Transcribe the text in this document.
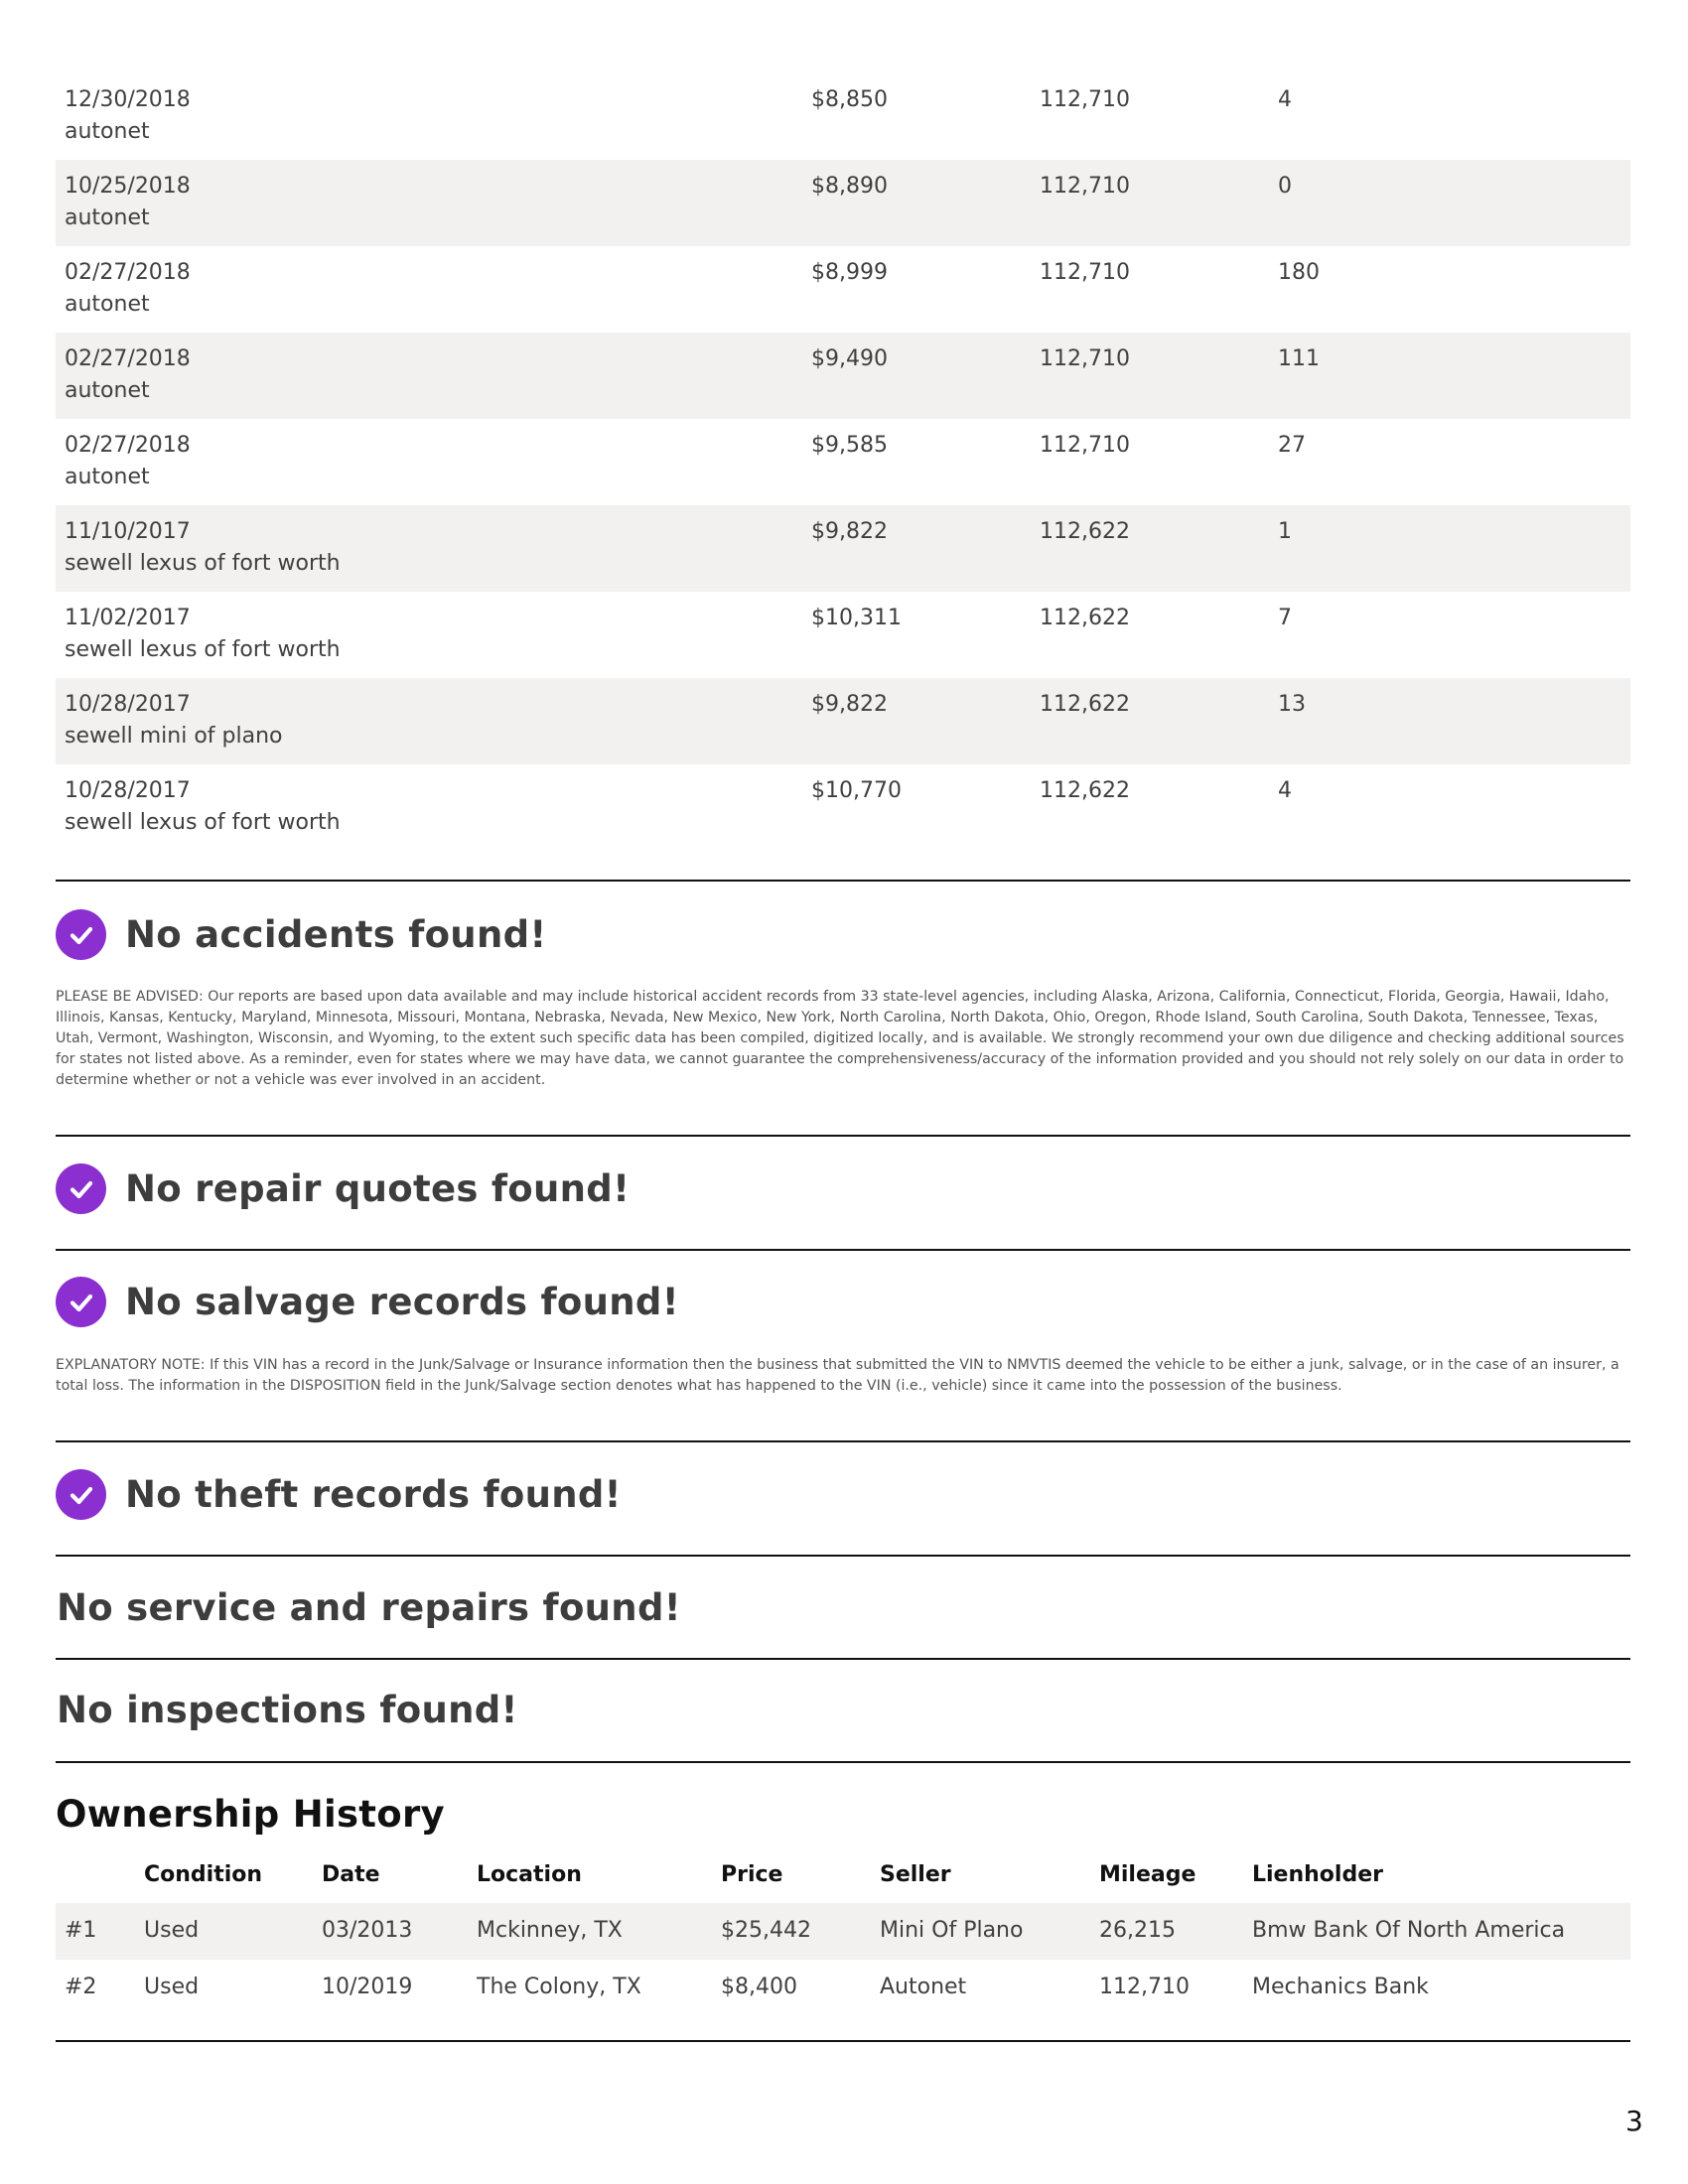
12/30/2018
autonet
$8,850	112,710	4
10/25/2018
autonet
$8,890	112,710	0
02/27/2018
autonet
$8,999	112,710	180
02/27/2018
autonet
$9,490	112,710	111
02/27/2018
autonet
$9,585	112,710	27
11/10/2017
sewell lexus of fort worth
$9,822	112,622	1
11/02/2017
sewell lexus of fort worth
$10,311	112,622	7
10/28/2017
sewell mini of plano
$9,822	112,622	13
10/28/2017
sewell lexus of fort worth
$10,770	112,622	4
No accidents found!
PLEASE BE ADVISED: Our reports are based upon data available and may include historical accident records from 33 state-level agencies, including Alaska, Arizona, California, Connecticut, Florida, Georgia, Hawaii, Idaho, Illinois, Kansas, Kentucky, Maryland, Minnesota, Missouri, Montana, Nebraska, Nevada, New Mexico, New York, North Carolina, North Dakota, Ohio, Oregon, Rhode Island, South Carolina, South Dakota, Tennessee, Texas, Utah, Vermont, Washington, Wisconsin, and Wyoming, to the extent such specific data has been compiled, digitized locally, and is available. We strongly recommend your own due diligence and checking additional sources for states not listed above. As a reminder, even for states where we may have data, we cannot guarantee the comprehensiveness/accuracy of the information provided and you should not rely solely on our data in order to determine whether or not a vehicle was ever involved in an accident.
No repair quotes found!
No salvage records found!
EXPLANATORY NOTE: If this VIN has a record in the Junk/Salvage or Insurance information then the business that submitted the VIN to NMVTIS deemed the vehicle to be either a junk, salvage, or in the case of an insurer, a total loss. The information in the DISPOSITION field in the Junk/Salvage section denotes what has happened to the VIN (i.e., vehicle) since it came into the possession of the business.
No theft records found!
No service and repairs found!
No inspections found!
Ownership History
Condition	Date	Location	Price	Seller	Mileage	Lienholder
#1 Used	03/2013	Mckinney, TX	$25,442	Mini Of Plano	26,215	Bmw Bank Of North America
#2 Used	10/2019	The Colony, TX	$8,400	Autonet	112,710	Mechanics Bank
3
